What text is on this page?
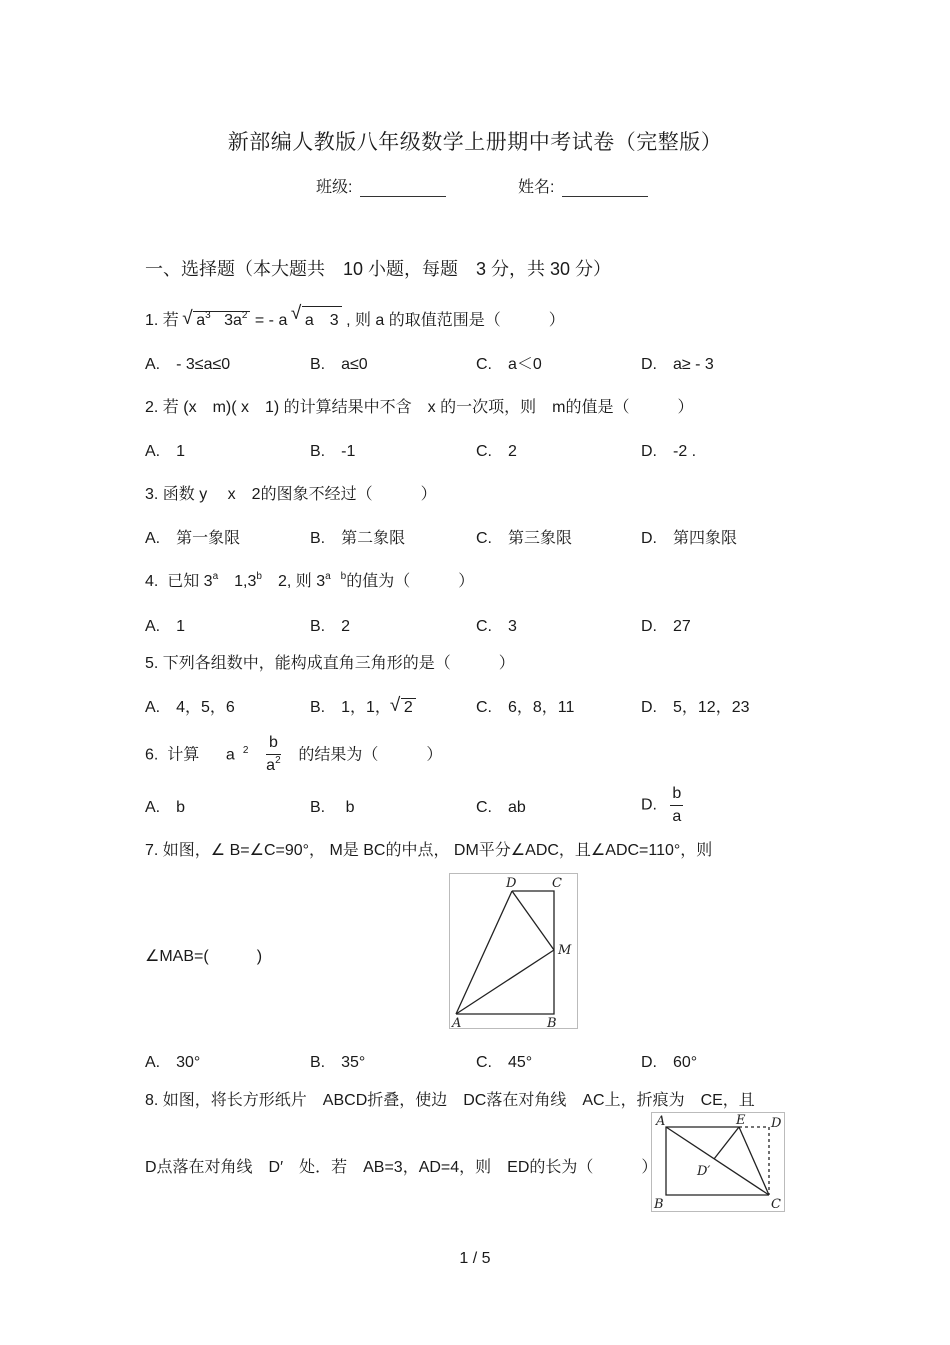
新部编人教版八年级数学上册期中考试卷（完整版）
班级:	姓名:
一、选择题（本大题共　10 小题，每题　3 分，共 30 分）
1. 若 √ $a^3$ $3a^2$ = - a √ a　3 , 则 a 的取值范围是（　　　）
A.　- 3≤a≤0	B.　a≤0	C.　a＜0	D.　a≥ - 3
2. 若 (x　m)( x　1) 的计算结果中不含　x 的一次项，则　m的值是（　　　）
A.　1	B.　-1	C.　2	D.　-2 .
3. 函数 y　 x　2的图象不经过（　　　）
A.　第一象限	B.　第二象限	C.　第三象限	D.　第四象限
4. 已知 3$^a$　1,3$^b$　2, 则 $3^{a b}$的值为（　　　）
A.　1	B.　2	C.　3	D.　27
5. 下列各组数中，能构成直角三角形的是（　　　）
A.　4，5，6	B.　1，1， √ 2	C.　6，8，11	D.　5，12，23
6. 计算 a $^2 \frac{b}{a^2}$ 的结果为（　　　）
A.　b	B.　 b	C.　ab	D. $\frac{b}{a}$
7. 如图，∠ B=∠C=90°， M是 BC的中点， DM平分∠ADC，且∠ADC=110°，则
∠MAB=(　　　)
D	C
M
A	B
A.　30°	B.　35°	C.　45°	D.　60°
8. 如图，将长方形纸片　ABCD折叠，使边　DC落在对角线　AC上，折痕为　CE，且
D点落在对角线　D′　处．若　AB=3，AD=4，则　ED的长为（　　　）
A	E D
D′
B	C
1 / 5
